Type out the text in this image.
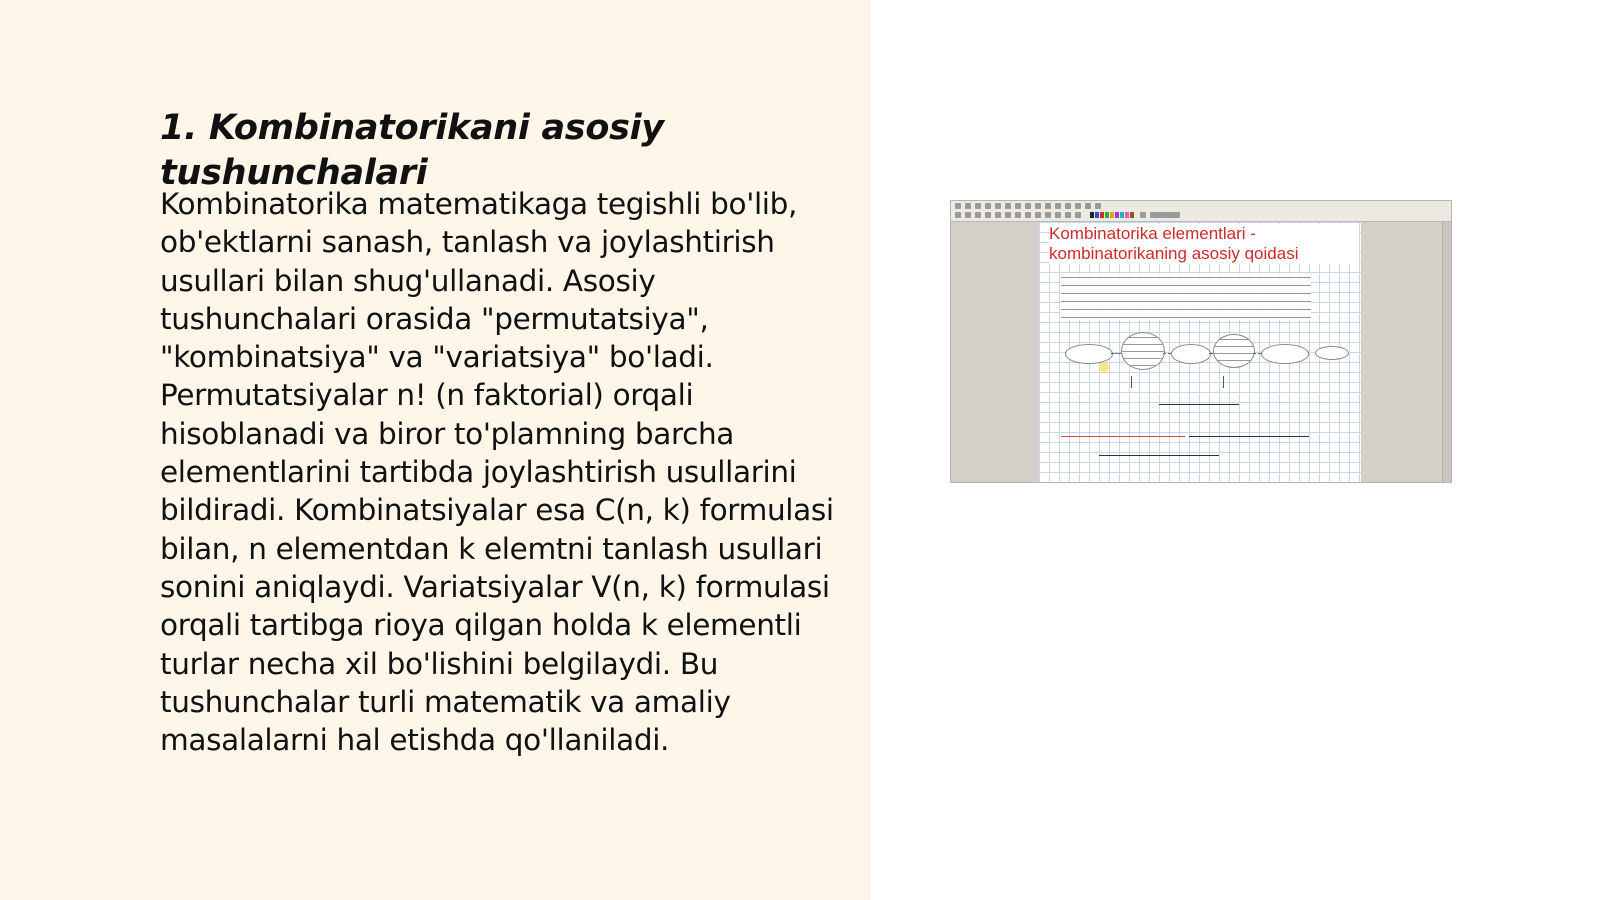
1. Kombinatorikani asosiy tushunchalari

Kombinatorika matematikaga tegishli bo'lib, ob'ektlarni sanash, tanlash va joylashtirish usullari bilan shug'ullanadi. Asosiy tushunchalari orasida "permutatsiya", "kombinatsiya" va "variatsiya" bo'ladi. Permutatsiyalar n! (n faktorial) orqali hisoblanadi va biror to'plamning barcha elementlarini tartibda joylashtirish usullarini bildiradi. Kombinatsiyalar esa C(n, k) formulasi bilan, n elementdan k elemtni tanlash usullari sonini aniqlaydi. Variatsiyalar V(n, k) formulasi orqali tartibga rioya qilgan holda k elementli turlar necha xil bo'lishini belgilaydi. Bu tushunchalar turli matematik va amaliy masalalarni hal etishda qo'llaniladi.

Kombinatorika elementlari -
kombinatorikaning asosiy qoidasi
